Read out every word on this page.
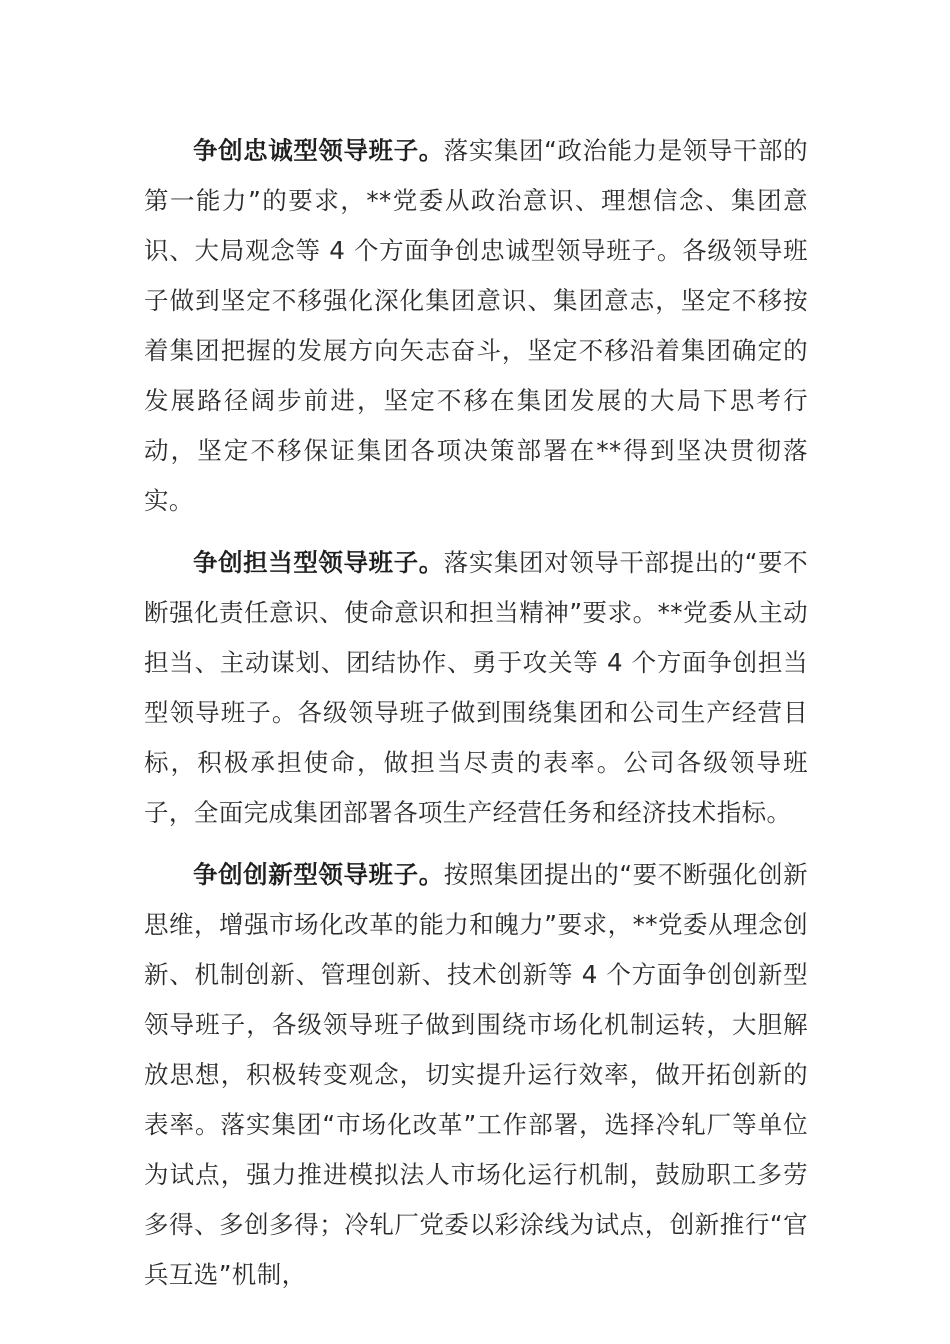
争创忠诚型领导班子。落实集团“政治能力是领导干部的第一能力”的要求，**党委从政治意识、理想信念、集团意识、大局观念等 4 个方面争创忠诚型领导班子。各级领导班子做到坚定不移强化深化集团意识、集团意志，坚定不移按着集团把握的发展方向矢志奋斗，坚定不移沿着集团确定的发展路径阔步前进，坚定不移在集团发展的大局下思考行动，坚定不移保证集团各项决策部署在**得到坚决贯彻落实。

争创担当型领导班子。落实集团对领导干部提出的“要不断强化责任意识、使命意识和担当精神”要求。**党委从主动担当、主动谋划、团结协作、勇于攻关等 4 个方面争创担当型领导班子。各级领导班子做到围绕集团和公司生产经营目标，积极承担使命，做担当尽责的表率。公司各级领导班子，全面完成集团部署各项生产经营任务和经济技术指标。

争创创新型领导班子。按照集团提出的“要不断强化创新思维，增强市场化改革的能力和魄力”要求，**党委从理念创新、机制创新、管理创新、技术创新等 4 个方面争创创新型领导班子，各级领导班子做到围绕市场化机制运转，大胆解放思想，积极转变观念，切实提升运行效率，做开拓创新的表率。落实集团“市场化改革”工作部署，选择冷轧厂等单位为试点，强力推进模拟法人市场化运行机制，鼓励职工多劳多得、多创多得；冷轧厂党委以彩涂线为试点，创新推行“官兵互选”机制，
